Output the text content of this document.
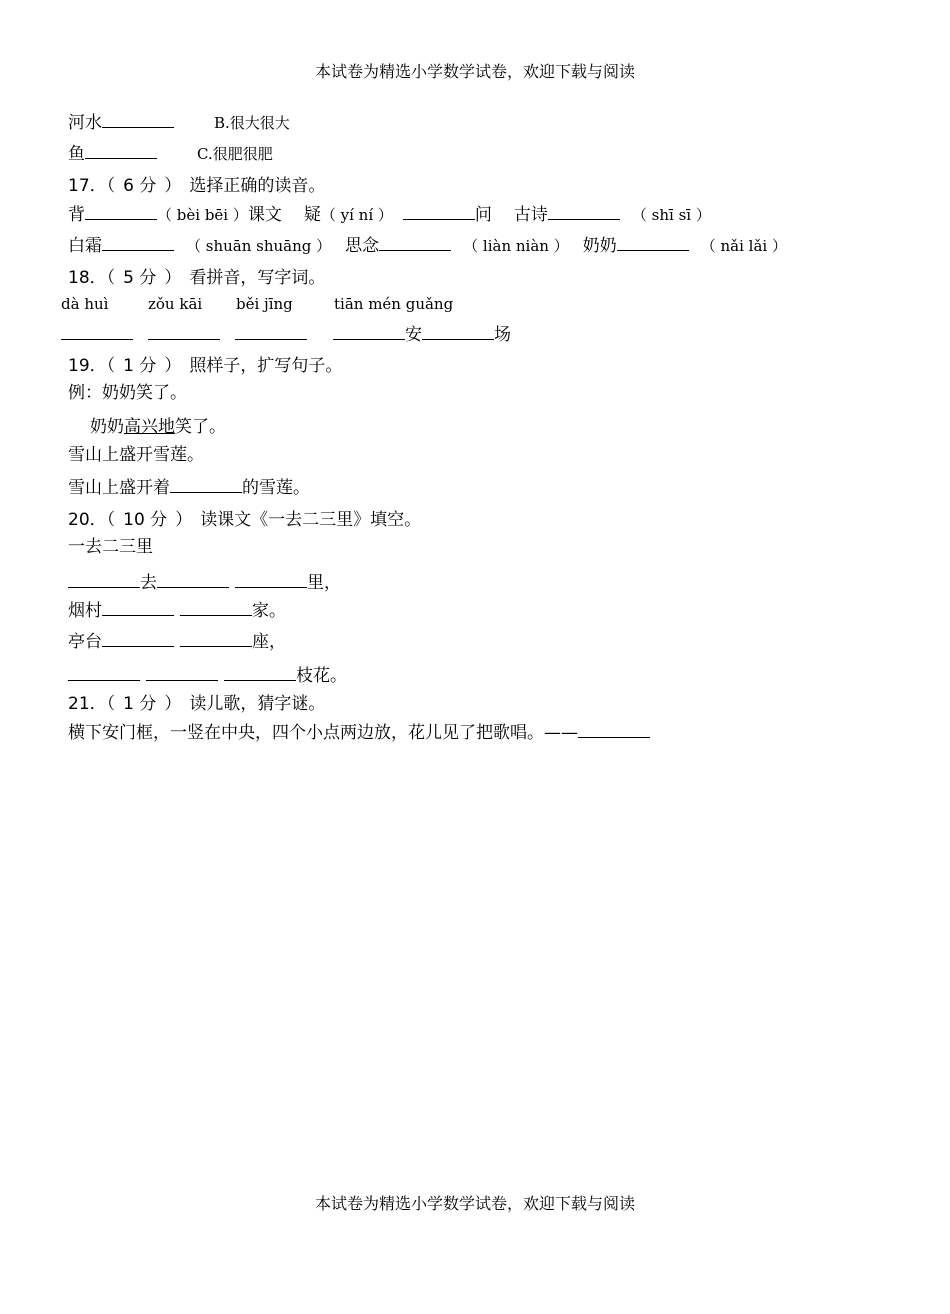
本试卷为精选小学数学试卷，欢迎下载与阅读
河水	B.很大很大
鱼	C.很肥很肥
17．（ 6 分 ） 选择正确的读音。
背	（ bèi bēi ）课文 疑（ yí ní ）	问 古诗	（ shī sī ）
白霜	（ shuān shuāng ） 思念	（ liàn niàn ） 奶奶	（ nǎi lǎi ）
18．（ 5 分 ） 看拼音，写字词。
dà huì	zǒu kāi běi jīng	tiān mén guǎng
安	场
19．（ 1 分 ） 照样子，扩写句子。
例：奶奶笑了。
奶奶高兴地笑了。
雪山上盛开雪莲。
雪山上盛开着	的雪莲。
20．（ 10 分 ） 读课文《一去二三里》填空。
一去二三里
去	里，
烟村	家。
亭台	座，
枝花。
21．（ 1 分 ） 读儿歌，猜字谜。
横下安门框，一竖在中央，四个小点两边放，花儿见了把歌唱。——
本试卷为精选小学数学试卷，欢迎下载与阅读
